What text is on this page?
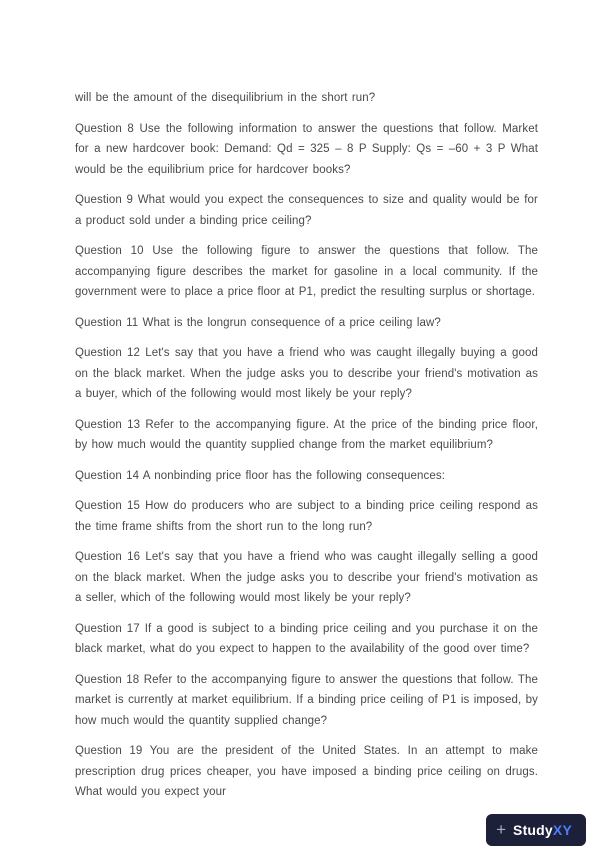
will be the amount of the disequilibrium in the short run?

Question 8 Use the following information to answer the questions that follow. Market for a new hardcover book: Demand: Qd = 325 – 8 P Supply: Qs = –60 + 3 P What would be the equilibrium price for hardcover books?

Question 9 What would you expect the consequences to size and quality would be for a product sold under a binding price ceiling?

Question 10 Use the following figure to answer the questions that follow. The accompanying figure describes the market for gasoline in a local community. If the government were to place a price floor at P1, predict the resulting surplus or shortage.

Question 11 What is the longrun consequence of a price ceiling law?

Question 12 Let's say that you have a friend who was caught illegally buying a good on the black market. When the judge asks you to describe your friend's motivation as a buyer, which of the following would most likely be your reply?

Question 13 Refer to the accompanying figure. At the price of the binding price floor, by how much would the quantity supplied change from the market equilibrium?

Question 14 A nonbinding price floor has the following consequences:

Question 15 How do producers who are subject to a binding price ceiling respond as the time frame shifts from the short run to the long run?

Question 16 Let's say that you have a friend who was caught illegally selling a good on the black market. When the judge asks you to describe your friend's motivation as a seller, which of the following would most likely be your reply?

Question 17 If a good is subject to a binding price ceiling and you purchase it on the black market, what do you expect to happen to the availability of the good over time?

Question 18 Refer to the accompanying figure to answer the questions that follow. The market is currently at market equilibrium. If a binding price ceiling of P1 is imposed, by how much would the quantity supplied change?

Question 19 You are the president of the United States. In an attempt to make prescription drug prices cheaper, you have imposed a binding price ceiling on drugs. What would you expect your

+ StudyXY
